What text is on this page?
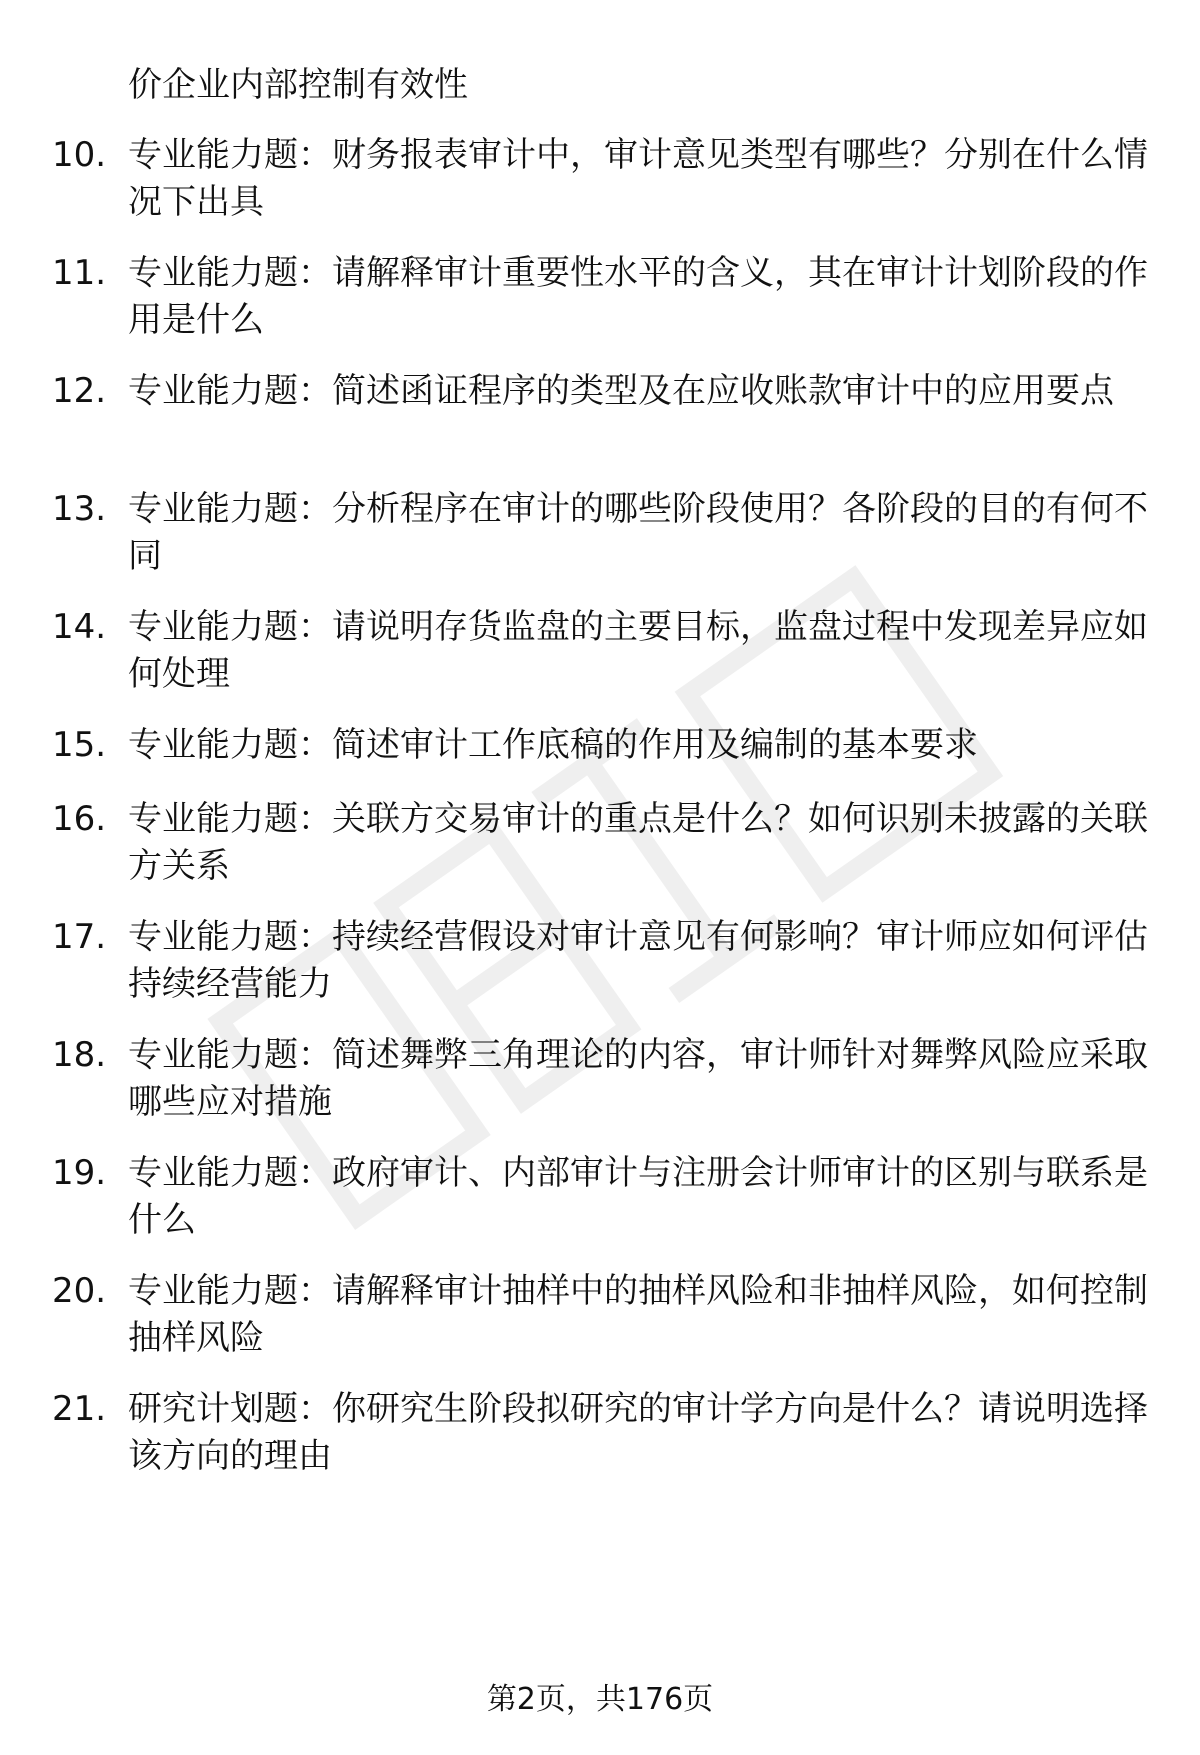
价企业内部控制有效性
10. 专业能力题：财务报表审计中，审计意见类型有哪些？分别在什么情况下出具
11. 专业能力题：请解释审计重要性水平的含义，其在审计计划阶段的作用是什么
12. 专业能力题：简述函证程序的类型及在应收账款审计中的应用要点
13. 专业能力题：分析程序在审计的哪些阶段使用？各阶段的目的有何不同
14. 专业能力题：请说明存货监盘的主要目标，监盘过程中发现差异应如何处理
15. 专业能力题：简述审计工作底稿的作用及编制的基本要求
16. 专业能力题：关联方交易审计的重点是什么？如何识别未披露的关联方关系
17. 专业能力题：持续经营假设对审计意见有何影响？审计师应如何评估持续经营能力
18. 专业能力题：简述舞弊三角理论的内容，审计师针对舞弊风险应采取哪些应对措施
19. 专业能力题：政府审计、内部审计与注册会计师审计的区别与联系是什么
20. 专业能力题：请解释审计抽样中的抽样风险和非抽样风险，如何控制抽样风险
21. 研究计划题：你研究生阶段拟研究的审计学方向是什么？请说明选择该方向的理由
第2页，共176页
